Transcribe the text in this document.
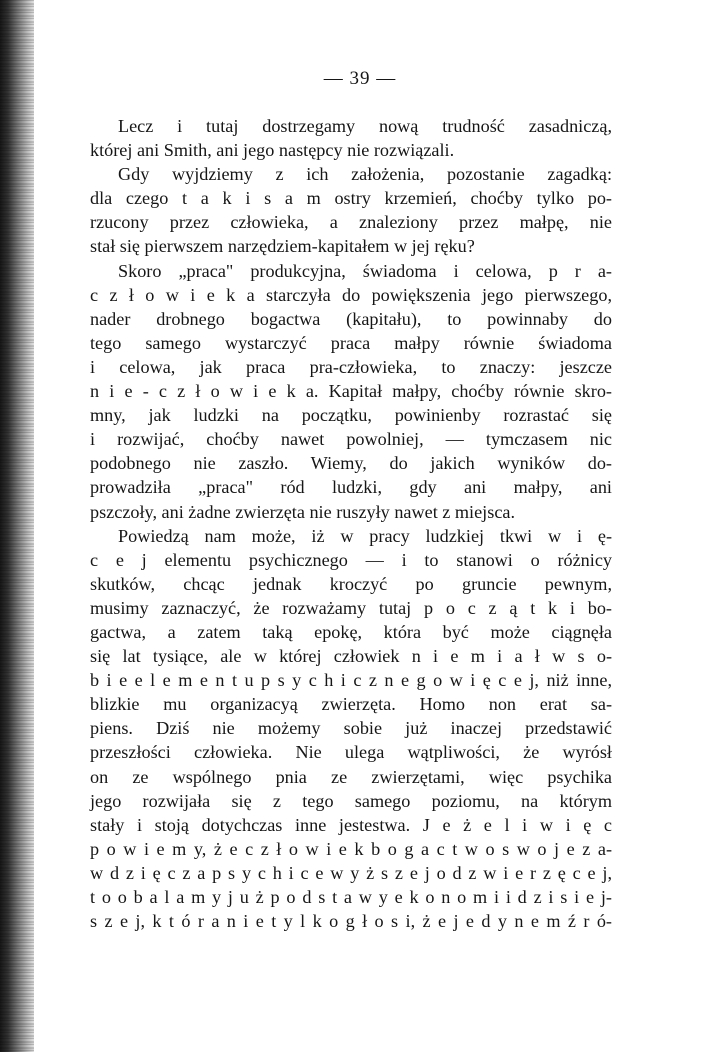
— 39 —
Lecz i tutaj dostrzegamy nową trudność zasadniczą,
której ani Smith, ani jego następcy nie rozwiązali.
Gdy wyjdziemy z ich założenia, pozostanie zagadką:
dla czego t a k i s a m ostry krzemień, choćby tylko po-
rzucony przez człowieka, a znaleziony przez małpę, nie
stał się pierwszem narzędziem-kapitałem w jej ręku?
Skoro „praca" produkcyjna, świadoma i celowa, p r a-
c z ł o w i e k a starczyła do powiększenia jego pierwszego,
nader drobnego bogactwa (kapitału), to powinnaby do
tego samego wystarczyć praca małpy równie świadoma
i celowa, jak praca pra-człowieka, to znaczy: jeszcze
n i e - c z ł o w i e k a. Kapitał małpy, choćby równie skro-
mny, jak ludzki na początku, powinienby rozrastać się
i rozwijać, choćby nawet powolniej, — tymczasem nic
podobnego nie zaszło. Wiemy, do jakich wyników do-
prowadziła „praca" ród ludzki, gdy ani małpy, ani
pszczoły, ani żadne zwierzęta nie ruszyły nawet z miejsca.
Powiedzą nam może, iż w pracy ludzkiej tkwi w i ę-
c e j elementu psychicznego — i to stanowi o różnicy
skutków, chcąc jednak kroczyć po gruncie pewnym,
musimy zaznaczyć, że rozważamy tutaj p o c z ą t k i bo-
gactwa, a zatem taką epokę, która być może ciągnęła
się lat tysiące, ale w której człowiek n i e m i a ł w s o-
b i e e l e m e n t u p s y c h i c z n e g o w i ę c e j, niż inne,
blizkie mu organizacyą zwierzęta. Homo non erat sa-
piens. Dziś nie możemy sobie już inaczej przedstawić
przeszłości człowieka. Nie ulega wątpliwości, że wyrósł
on ze wspólnego pnia ze zwierzętami, więc psychika
jego rozwijała się z tego samego poziomu, na którym
stały i stoją dotychczas inne jestestwa. J e ż e l i w i ę c
p o w i e m y, ż e c z ł o w i e k b o g a c t w o s w o j e z a-
w d z i ę c z a p s y c h i c e w y ż s z e j o d z w i e r z ę c e j,
t o o b a l a m y j u ż p o d s t a w y e k o n o m i i d z i s i e j-
s z e j, k t ó r a n i e t y l k o g ł o s i, ż e j e d y n e m ź r ó-
